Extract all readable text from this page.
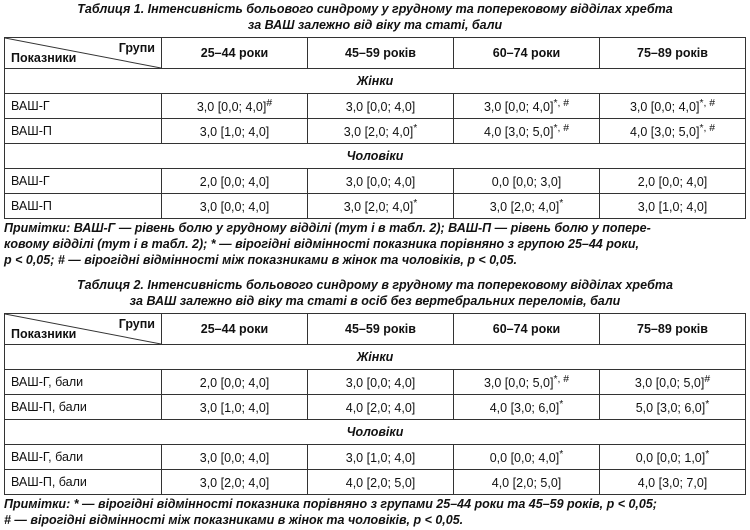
Таблиця 1. Інтенсивність больового синдрому у грудному та поперековому відділах хребта

за ВАШ залежно від віку та статі, бали

Групи
Показники	25–44 роки	45–59 років	60–74 роки	75–89 років
Жінки				
ВАШ-Г	3,0 [0,0; 4,0]#	3,0 [0,0; 4,0]	3,0 [0,0; 4,0]*, #	3,0 [0,0; 4,0]*, #
ВАШ-П	3,0 [1,0; 4,0]	3,0 [2,0; 4,0]*	4,0 [3,0; 5,0]*, #	4,0 [3,0; 5,0]*, #
Чоловіки				
ВАШ-Г	2,0 [0,0; 4,0]	3,0 [0,0; 4,0]	0,0 [0,0; 3,0]	2,0 [0,0; 4,0]
ВАШ-П	3,0 [0,0; 4,0]	3,0 [2,0; 4,0]*	3,0 [2,0; 4,0]*	3,0 [1,0; 4,0]

Примітки: ВАШ-Г — рівень болю у грудному відділі (тут і в табл. 2); ВАШ-П — рівень болю у попере-

ковому відділі (тут і в табл. 2); * — вірогідні відмінності показника порівняно з групою 25–44 роки,

p < 0,05; # — вірогідні відмінності між показниками в жінок та чоловіків, p < 0,05.

Таблиця 2. Інтенсивність больового синдрому в грудному та поперековому відділах хребта

за ВАШ залежно від віку та статі в осіб без вертебральних переломів, бали

Групи
Показники	25–44 роки	45–59 років	60–74 роки	75–89 років
Жінки				
ВАШ-Г, бали	2,0 [0,0; 4,0]	3,0 [0,0; 4,0]	3,0 [0,0; 5,0]*, #	3,0 [0,0; 5,0]#
ВАШ-П, бали	3,0 [1,0; 4,0]	4,0 [2,0; 4,0]	4,0 [3,0; 6,0]*	5,0 [3,0; 6,0]*
Чоловіки				
ВАШ-Г, бали	3,0 [0,0; 4,0]	3,0 [1,0; 4,0]	0,0 [0,0; 4,0]*	0,0 [0,0; 1,0]*
ВАШ-П, бали	3,0 [2,0; 4,0]	4,0 [2,0; 5,0]	4,0 [2,0; 5,0]	4,0 [3,0; 7,0]

Примітки: * — вірогідні відмінності показника порівняно з групами 25–44 роки та 45–59 років, p < 0,05;

# — вірогідні відмінності між показниками в жінок та чоловіків, p < 0,05.
